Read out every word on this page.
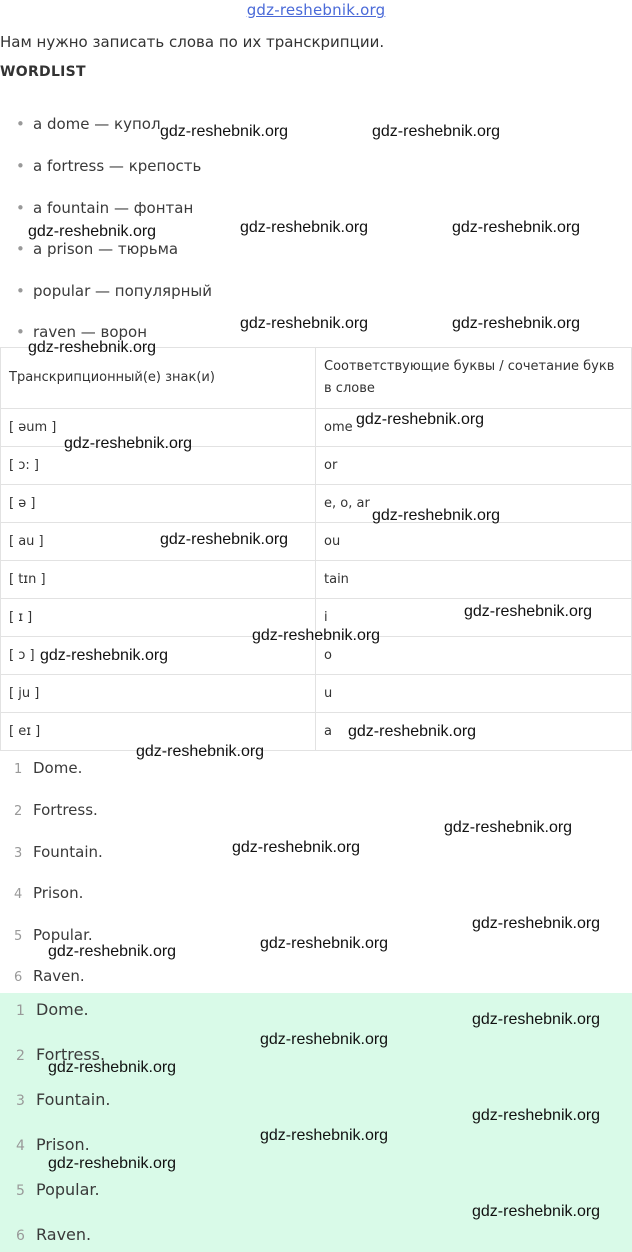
gdz-reshebnik.org
Нам нужно записать слова по их транскрипции.
WORDLIST
• a dome — купол
• a fortress — крепость
• a fountain — фонтан
• a prison — тюрьма
• popular — популярный
• raven — ворон
Транскрипционный(е) знак(и)	Соответствующие буквы / сочетание букв в слове
[ əum ]	ome
[ ɔ: ]	or
[ ə ]	e, o, ar
[ au ]	ou
[ tɪn ]	tain
[ ɪ ]	i
[ ɔ ]	o
[ ju ]	u
[ eɪ ]	a
1 Dome.
2 Fortress.
3 Fountain.
4 Prison.
5 Popular.
6 Raven.
1 Dome.
2 Fortress.
3 Fountain.
4 Prison.
5 Popular.
6 Raven.
gdz-reshebnik.org	gdz-reshebnik.org
gdz-reshebnik.org	gdz-reshebnik.org
gdz-reshebnik.org
gdz-reshebnik.org	gdz-reshebnik.org
gdz-reshebnik.org
gdz-reshebnik.org
gdz-reshebnik.org
gdz-reshebnik.org
gdz-reshebnik.org
gdz-reshebnik.org
gdz-reshebnik.org
gdz-reshebnik.org
gdz-reshebnik.org
gdz-reshebnik.org
gdz-reshebnik.org
gdz-reshebnik.org
gdz-reshebnik.org
gdz-reshebnik.org
gdz-reshebnik.org
gdz-reshebnik.org
gdz-reshebnik.org
gdz-reshebnik.org
gdz-reshebnik.org
gdz-reshebnik.org
gdz-reshebnik.org
gdz-reshebnik.org
